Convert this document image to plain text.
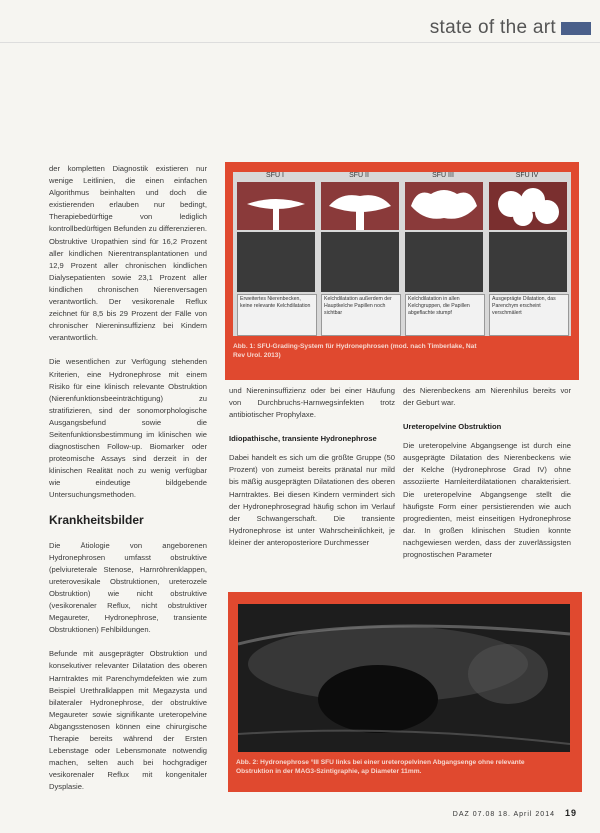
state of the art

der kompletten Diagnostik existieren nur wenige Leitlinien, die einen einfachen Algorithmus beinhalten und doch die existierenden erlauben nur bedingt, Therapiebedürftige von lediglich kontrollbedürftigen Befunden zu differenzieren. Obstruktive Uropathien sind für 16,2 Prozent aller kindlichen Nierentransplantationen und 12,9 Prozent aller chronischen kindlichen Dialysepatienten sowie 23,1 Prozent aller kindlichen chronischen Nierenversagen verantwortlich. Der vesikorenale Reflux zeichnet für 8,5 bis 29 Prozent der Fälle von chronischer Niereninsuffizienz bei Kindern verantwortlich.

Die wesentlichen zur Verfügung stehenden Kriterien, eine Hydronephrose mit einem Risiko für eine klinisch relevante Obstruktion (Nierenfunktionsbeeinträchtigung) zu stratifizieren, sind der sonomorphologische Ausgangsbefund sowie die Seitenfunktionsbestimmung im klinischen wie diagnostischen Follow-up. Biomarker oder proteomische Assays sind derzeit in der klinischen Realität noch zu wenig verfügbar wie eindeutige bildgebende Untersuchungsmethoden.

Krankheitsbilder

Die Ätiologie von angeborenen Hydronephrosen umfasst obstruktive (pelviureterale Stenose, Harnröhrenklappen, ureterovesikale Obstruktionen, ureterozele Obstruktion) wie nicht obstruktive (vesikorenaler Reflux, nicht obstruktiver Megaureter, Hydronephrose, transiente Obstruktionen) Fehlbildungen.

Befunde mit ausgeprägter Obstruktion und konsekutiver relevanter Dilatation des oberen Harntraktes mit Parenchymdefekten wie zum Beispiel Urethralklappen mit Megazysta und bilateraler Hydronephrose, der obstruktive Megaureter sowie signifikante ureteropelvine Abgangsstenosen können eine chirurgische Therapie bereits während der Ersten Lebenstage oder Lebensmonate notwendig machen, selten auch bei hochgradiger vesikorenaler Reflux mit kongenitaler Dysplasie.

SFU I	SFU II	SFU III	SFU IV
Erweitertes Nierenbecken, keine relevante Kelchdilatation
Kelchdilatation außerdem der Hauptkelche Papillen noch sichtbar
Kelchdilatation in allen Kelchgruppen, die Papillen abgeflachte stumpf
Ausgeprägte Dilatation, das Parenchym erscheint verschmälert
Abb. 1: SFU-Grading-System für Hydronephrosen (mod. nach Timberlake, Nat Rev Urol. 2013)

und Niereninsuffizienz oder bei einer Häufung von Durchbruchs-Harnwegsinfekten trotz antibiotischer Prophylaxe.

Idiopathische, transiente Hydronephrose

Dabei handelt es sich um die größte Gruppe (50 Prozent) von zumeist bereits pränatal nur mild bis mäßig ausgeprägten Dilatationen des oberen Harntraktes. Bei diesen Kindern vermindert sich der Hydronephrosegrad häufig schon im Verlauf der Schwangerschaft. Die transiente Hydronephrose ist unter Wahrscheinlichkeit, je kleiner der anteroposteriore Durchmesser

des Nierenbeckens am Nierenhilus bereits vor der Geburt war.

Ureteropelvine Obstruktion

Die ureteropelvine Abgangsenge ist durch eine ausgeprägte Dilatation des Nierenbeckens wie der Kelche (Hydronephrose Grad IV) ohne assoziierte Harnleiterdilatationen charakterisiert. Die ureteropelvine Abgangsenge stellt die häufigste Form einer persistierenden wie auch progredienten, meist einseitigen Hydronephrose dar. In großen klinischen Studien konnte nachgewiesen werden, dass der zuverlässigsten prognostischen Parameter

Abb. 2: Hydronephrose °III SFU links bei einer ureteropelvinen Abgangsenge ohne relevante Obstruktion in der MAG3-Szintigraphie, ap Diameter 11mm.
DAZ 07.08 18. April 2014 19
